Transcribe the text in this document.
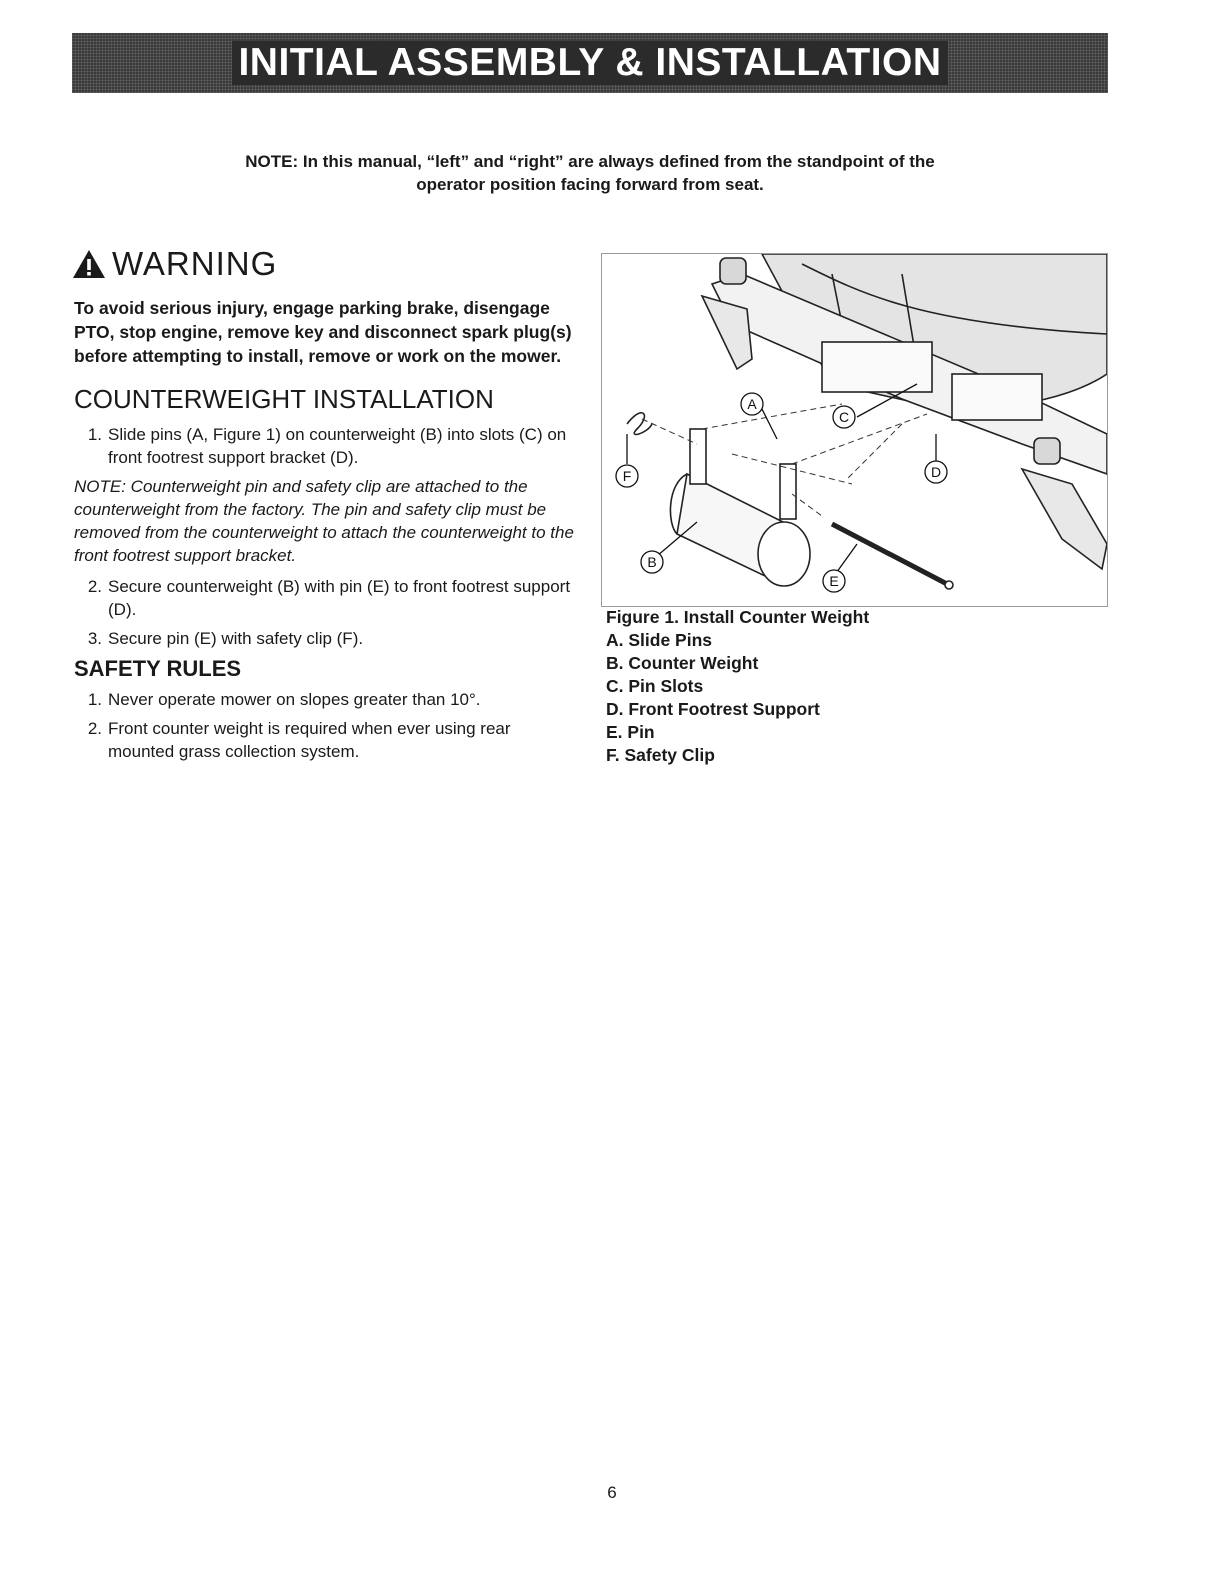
INITIAL ASSEMBLY & INSTALLATION
NOTE: In this manual, “left” and “right” are always defined from the standpoint of the operator position facing forward from seat.
WARNING
To avoid serious injury, engage parking brake, disengage PTO, stop engine, remove key and disconnect spark plug(s) before attempting to install, remove or work on the mower.
COUNTERWEIGHT INSTALLATION
1. Slide pins (A, Figure 1) on counterweight (B) into slots (C) on front footrest support bracket (D).
NOTE: Counterweight pin and safety clip are attached to the counterweight from the factory. The pin and safety clip must be removed from the counterweight to attach the counterweight to the front footrest support bracket.
2. Secure counterweight (B) with pin (E) to front footrest support (D).
3. Secure pin (E) with safety clip (F).
SAFETY RULES
1. Never operate mower on slopes greater than 10°.
2. Front counter weight is required when ever using rear mounted grass collection system.
A
C
D
F
B
E
Figure 1. Install Counter Weight
A. Slide Pins
B. Counter Weight
C. Pin Slots
D. Front Footrest Support
E. Pin
F. Safety Clip
6
